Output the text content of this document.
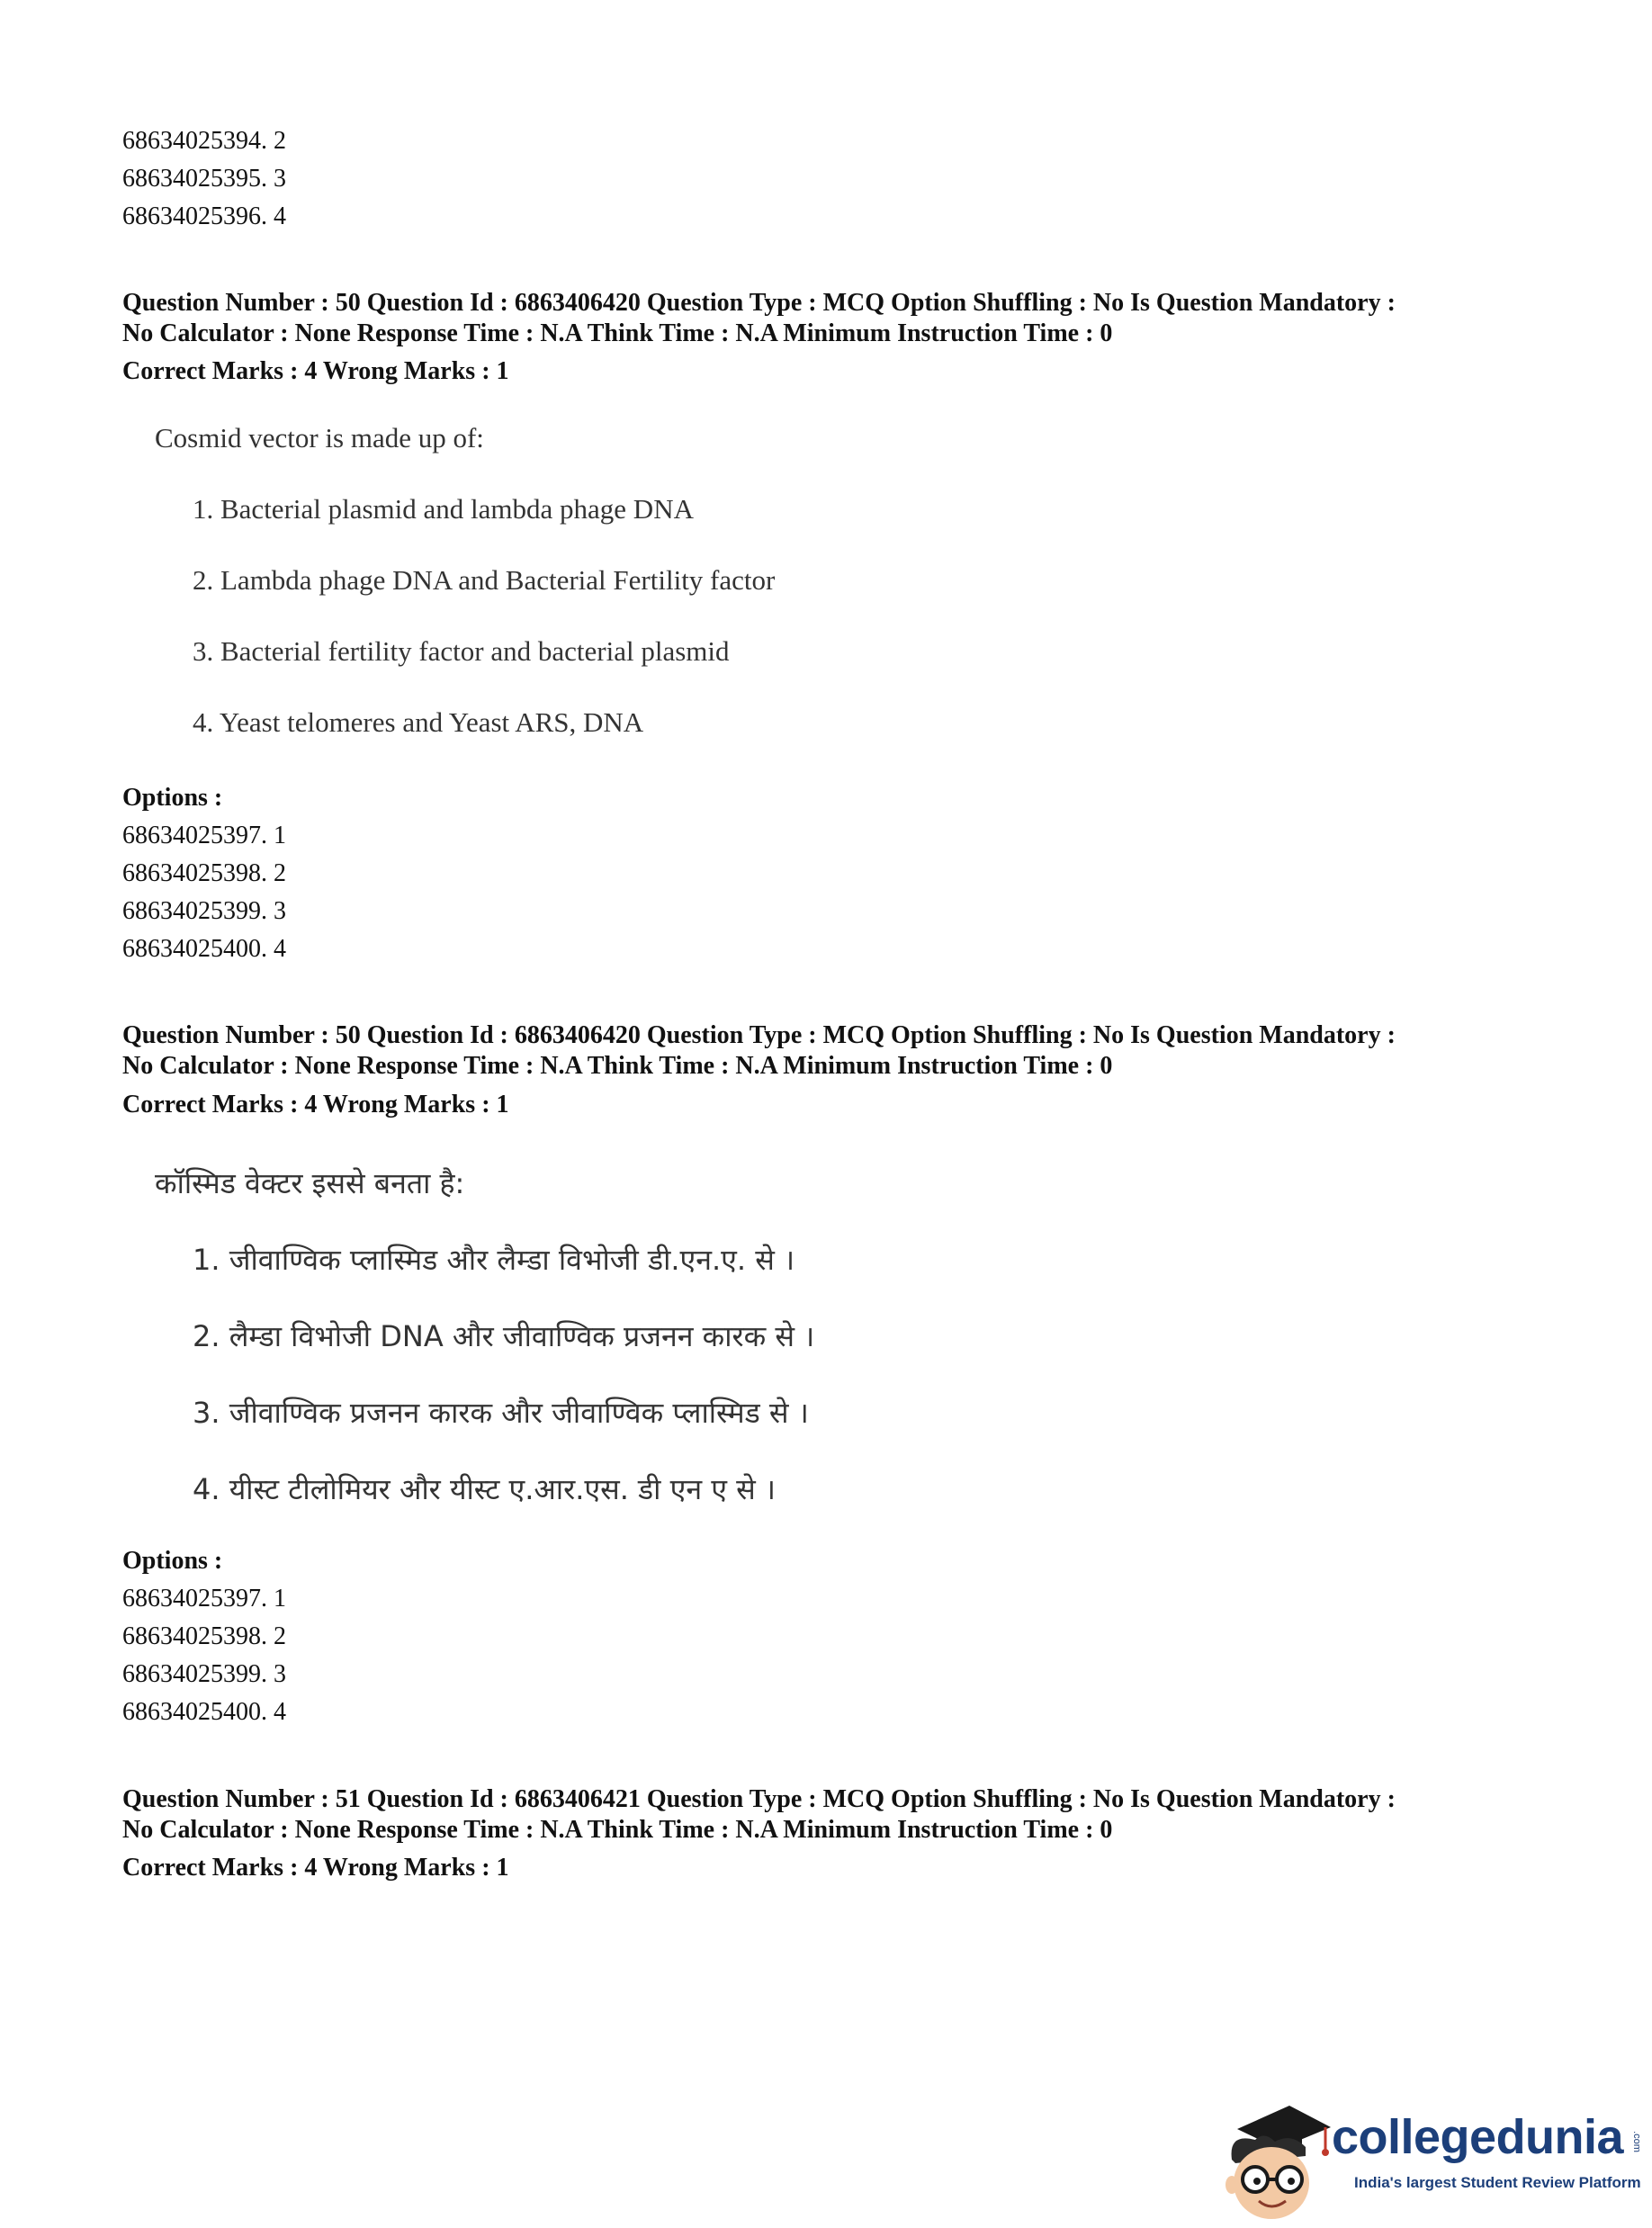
68634025394. 2
68634025395. 3
68634025396. 4
Question Number : 50 Question Id : 6863406420 Question Type : MCQ Option Shuffling : No Is Question Mandatory :
No Calculator : None Response Time : N.A Think Time : N.A Minimum Instruction Time : 0
Correct Marks : 4 Wrong Marks : 1
Cosmid vector is made up of:
1. Bacterial plasmid and lambda phage DNA
2. Lambda phage DNA and Bacterial Fertility factor
3. Bacterial fertility factor and bacterial plasmid
4. Yeast telomeres and Yeast ARS, DNA
Options :
68634025397. 1
68634025398. 2
68634025399. 3
68634025400. 4
Question Number : 50 Question Id : 6863406420 Question Type : MCQ Option Shuffling : No Is Question Mandatory :
No Calculator : None Response Time : N.A Think Time : N.A Minimum Instruction Time : 0
Correct Marks : 4 Wrong Marks : 1
कॉस्मिड वेक्टर इससे बनता है:
1. जीवाण्विक प्लास्मिड और लैम्डा विभोजी डी.एन.ए. से ।
2. लैम्डा विभोजी DNA और जीवाण्विक प्रजनन कारक से ।
3. जीवाण्विक प्रजनन कारक और जीवाण्विक प्लास्मिड से ।
4. यीस्ट टीलोमियर और यीस्ट ए.आर.एस. डी एन ए से ।
Options :
68634025397. 1
68634025398. 2
68634025399. 3
68634025400. 4
Question Number : 51 Question Id : 6863406421 Question Type : MCQ Option Shuffling : No Is Question Mandatory :
No Calculator : None Response Time : N.A Think Time : N.A Minimum Instruction Time : 0
Correct Marks : 4 Wrong Marks : 1
collegedunia .com
India's largest Student Review Platform
